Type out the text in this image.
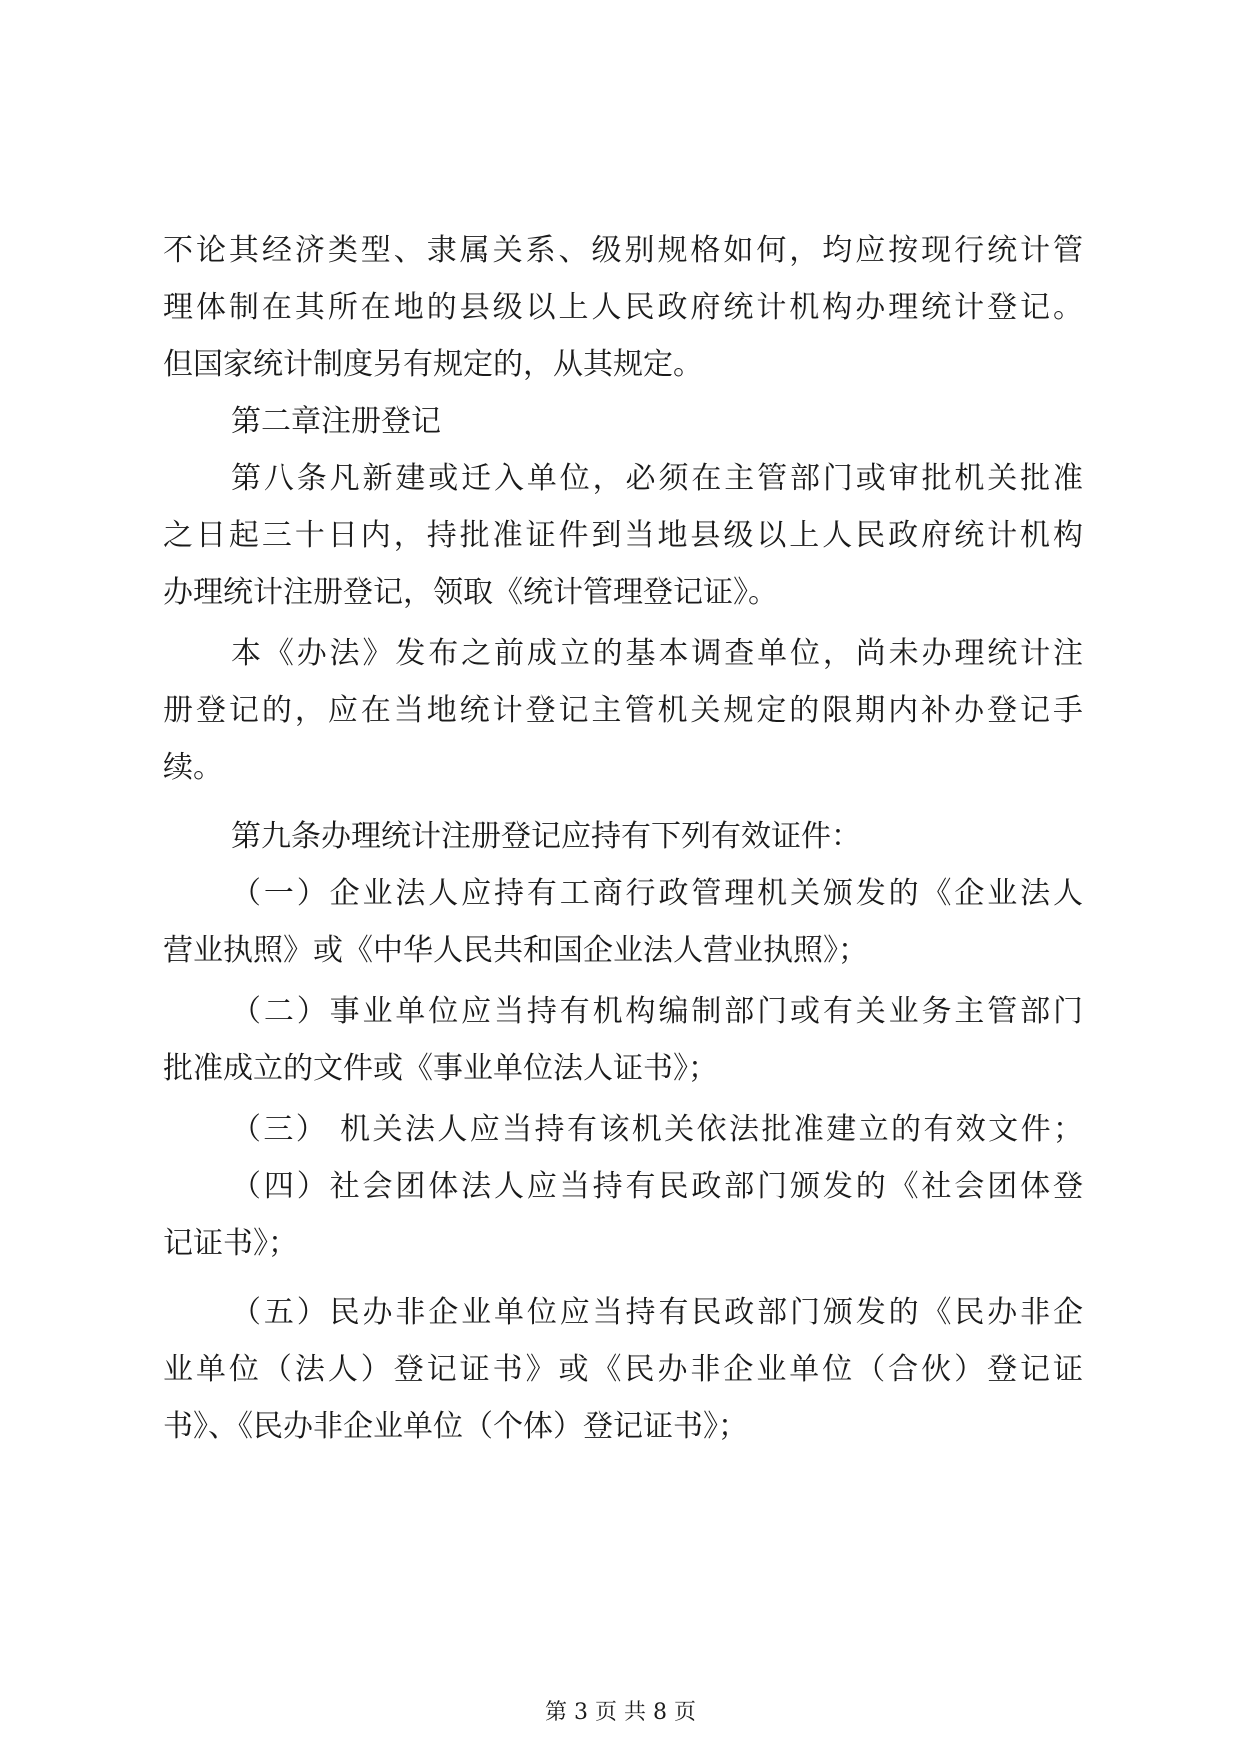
不论其经济类型、隶属关系、级别规格如何，均应按现行统计管
理体制在其所在地的县级以上人民政府统计机构办理统计登记。
但国家统计制度另有规定的，从其规定。
第二章注册登记
第八条凡新建或迁入单位，必须在主管部门或审批机关批准
之日起三十日内，持批准证件到当地县级以上人民政府统计机构
办理统计注册登记，领取《统计管理登记证》。
本《办法》发布之前成立的基本调查单位，尚未办理统计注
册登记的，应在当地统计登记主管机关规定的限期内补办登记手
续。
第九条办理统计注册登记应持有下列有效证件：
（一）企业法人应持有工商行政管理机关颁发的《企业法人
营业执照》或《中华人民共和国企业法人营业执照》；
（二）事业单位应当持有机构编制部门或有关业务主管部门
批准成立的文件或《事业单位法人证书》；
（三） 机关法人应当持有该机关依法批准建立的有效文件；
（四）社会团体法人应当持有民政部门颁发的《社会团体登
记证书》；
（五）民办非企业单位应当持有民政部门颁发的《民办非企
业单位（法人）登记证书》或《民办非企业单位（合伙）登记证
书》、《民办非企业单位（个体）登记证书》；
第 3 页 共 8 页
